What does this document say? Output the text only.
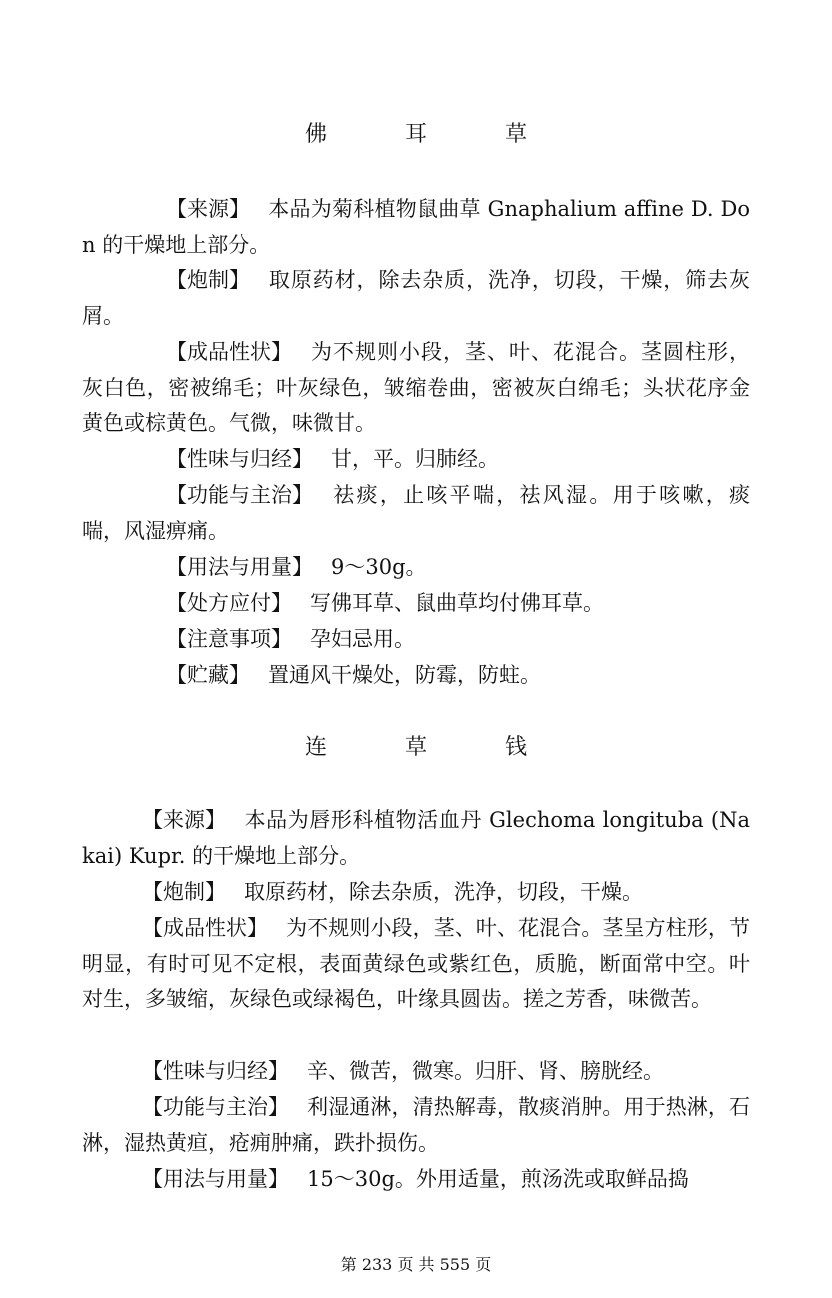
佛　耳　草
【来源】 本品为菊科植物鼠曲草 Gnaphalium affine D. Don 的干燥地上部分。
【炮制】 取原药材，除去杂质，洗净，切段，干燥，筛去灰屑。
【成品性状】 为不规则小段，茎、叶、花混合。茎圆柱形，灰白色，密被绵毛；叶灰绿色，皱缩卷曲，密被灰白绵毛；头状花序金黄色或棕黄色。气微，味微甘。
【性味与归经】 甘，平。归肺经。
【功能与主治】 祛痰，止咳平喘，祛风湿。用于咳嗽，痰喘，风湿痹痛。
【用法与用量】 9～30g。
【处方应付】 写佛耳草、鼠曲草均付佛耳草。
【注意事项】 孕妇忌用。
【贮藏】 置通风干燥处，防霉，防蛀。
连　草　钱
【来源】 本品为唇形科植物活血丹 Glechoma longituba (Nakai) Kupr. 的干燥地上部分。
【炮制】 取原药材，除去杂质，洗净，切段，干燥。
【成品性状】 为不规则小段，茎、叶、花混合。茎呈方柱形，节明显，有时可见不定根，表面黄绿色或紫红色，质脆，断面常中空。叶对生，多皱缩，灰绿色或绿褐色，叶缘具圆齿。搓之芳香，味微苦。
【性味与归经】 辛、微苦，微寒。归肝、肾、膀胱经。
【功能与主治】 利湿通淋，清热解毒，散痰消肿。用于热淋，石淋，湿热黄疸，疮痈肿痛，跌扑损伤。
【用法与用量】 15～30g。外用适量，煎汤洗或取鲜品捣
第 233 页 共 555 页
